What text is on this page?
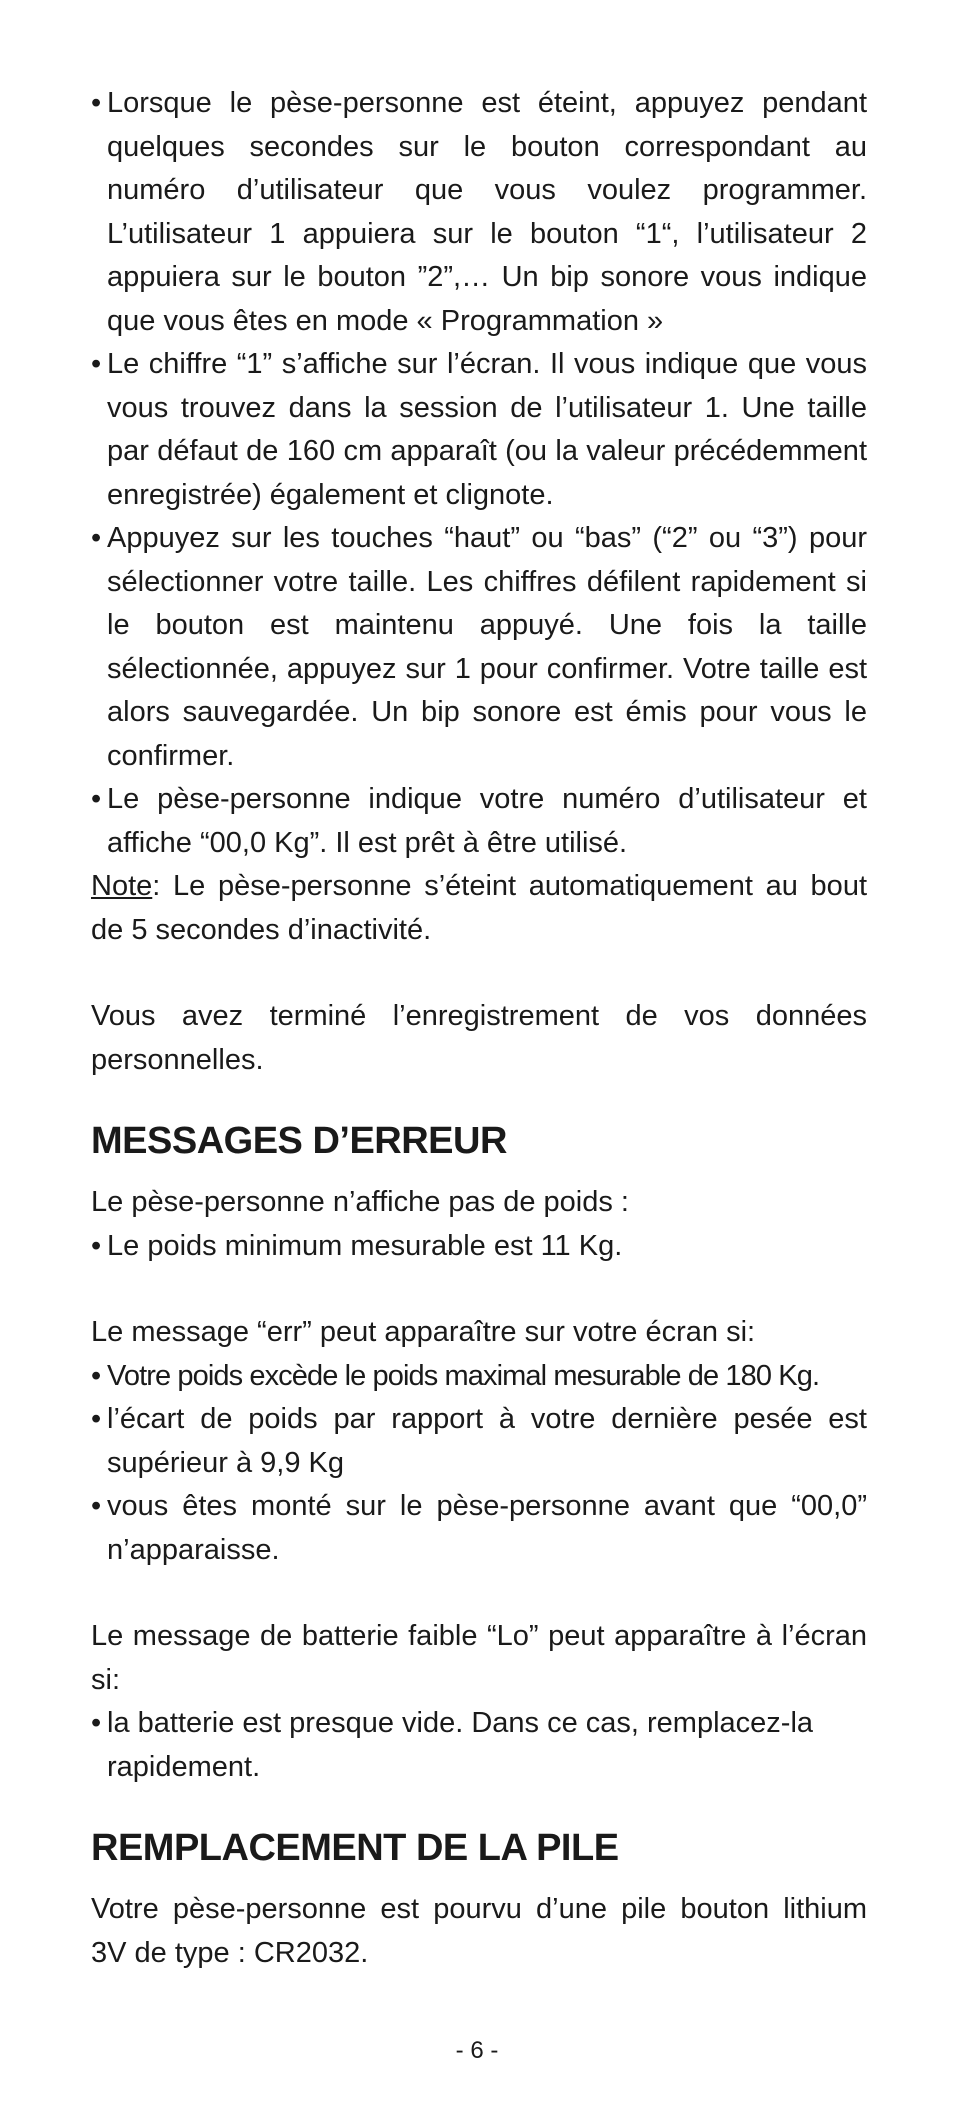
• Lorsque le pèse-personne est éteint, appuyez pendant quelques secondes sur le bouton correspondant au numéro d’utilisateur que vous voulez programmer. L’utilisateur 1 appuiera sur le bouton “1“, l’utilisateur 2 appuiera sur le bouton ”2”,… Un bip sonore vous indique que vous êtes en mode « Programmation »

• Le chiffre “1” s’affiche sur l’écran. Il vous indique que vous vous trouvez dans la session de l’utilisateur 1. Une taille par défaut de 160 cm apparaît (ou la valeur précédemment enregistrée) également et clignote.

• Appuyez sur les touches “haut” ou “bas” (“2” ou “3”) pour sélectionner votre taille. Les chiffres défilent rapidement si le bouton est maintenu appuyé. Une fois la taille sélectionnée, appuyez sur 1 pour confirmer. Votre taille est alors sauvegardée. Un bip sonore est émis pour vous le confirmer.

• Le pèse-personne indique votre numéro d’utilisateur et affiche “00,0 Kg”. Il est prêt à être utilisé.

Note: Le pèse-personne s’éteint automatiquement au bout de 5 secondes d’inactivité.

Vous avez terminé l’enregistrement de vos données personnelles.

MESSAGES D’ERREUR

Le pèse-personne n’affiche pas de poids :

• Le poids minimum mesurable est 11 Kg.

Le message “err” peut apparaître sur votre écran si:

• Votre poids excède le poids maximal mesurable de 180 Kg.

• l’écart de poids par rapport à votre dernière pesée est supérieur à 9,9 Kg

• vous êtes monté sur le pèse-personne avant que “00,0” n’apparaisse.

Le message de batterie faible “Lo” peut apparaître à l’écran si:

• la batterie est presque vide. Dans ce cas, remplacez-la rapidement.

REMPLACEMENT DE LA PILE

Votre pèse-personne est pourvu d’une pile bouton lithium 3V de type : CR2032.

- 6 -
